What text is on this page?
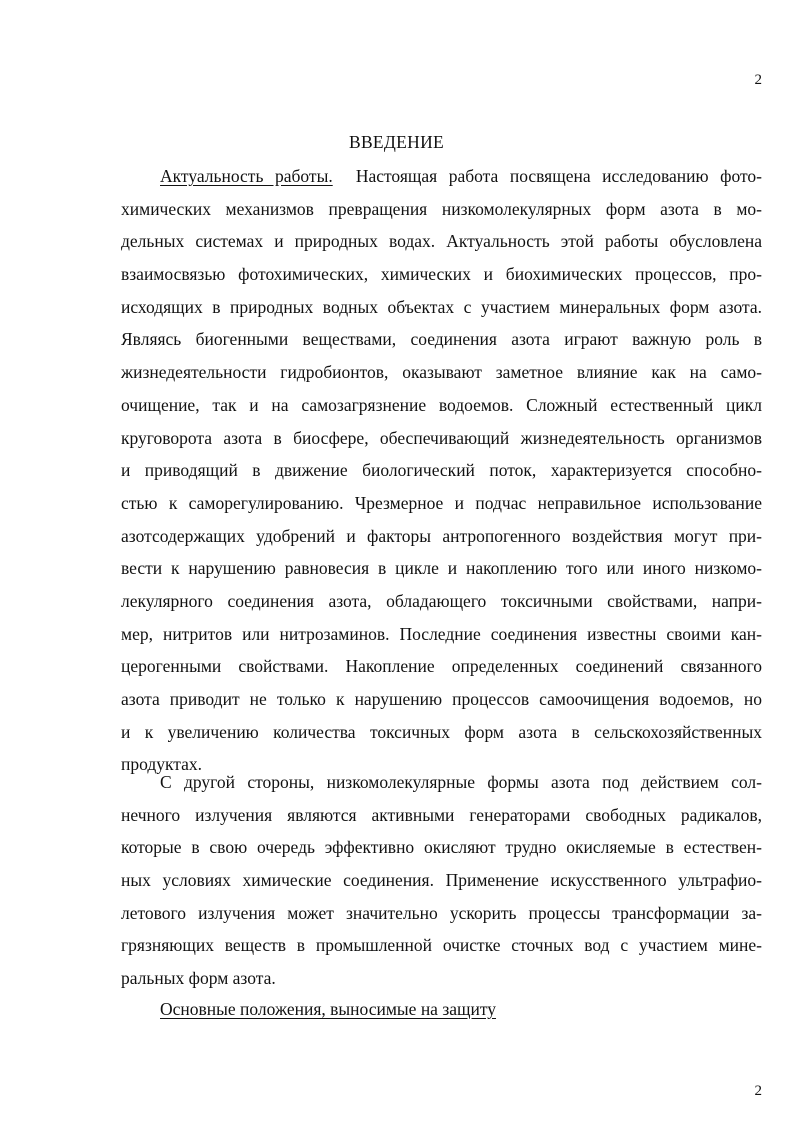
2
ВВЕДЕНИЕ
Актуальность работы. Настоящая работа посвящена исследованию фото-
химических механизмов превращения низкомолекулярных форм азота в мо-
дельных системах и природных водах. Актуальность этой работы обусловлена
взаимосвязью фотохимических, химических и биохимических процессов, про-
исходящих в природных водных объектах с участием минеральных форм азота.
Являясь биогенными веществами, соединения азота играют важную роль в
жизнедеятельности гидробионтов, оказывают заметное влияние как на само-
очищение, так и на самозагрязнение водоемов. Сложный естественный цикл
круговорота азота в биосфере, обеспечивающий жизнедеятельность организмов
и приводящий в движение биологический поток, характеризуется способно-
стью к саморегулированию. Чрезмерное и подчас неправильное использование
азотсодержащих удобрений и факторы антропогенного воздействия могут при-
вести к нарушению равновесия в цикле и накоплению того или иного низкомо-
лекулярного соединения азота, обладающего токсичными свойствами, напри-
мер, нитритов или нитрозаминов. Последние соединения известны своими кан-
церогенными свойствами. Накопление определенных соединений связанного
азота приводит не только к нарушению процессов самоочищения водоемов, но
и к увеличению количества токсичных форм азота в сельскохозяйственных
продуктах.
С другой стороны, низкомолекулярные формы азота под действием сол-
нечного излучения являются активными генераторами свободных радикалов,
которые в свою очередь эффективно окисляют трудно окисляемые в естествен-
ных условиях химические соединения. Применение искусственного ультрафио-
летового излучения может значительно ускорить процессы трансформации за-
грязняющих веществ в промышленной очистке сточных вод с участием мине-
ральных форм азота.
Основные положения, выносимые на защиту
2
